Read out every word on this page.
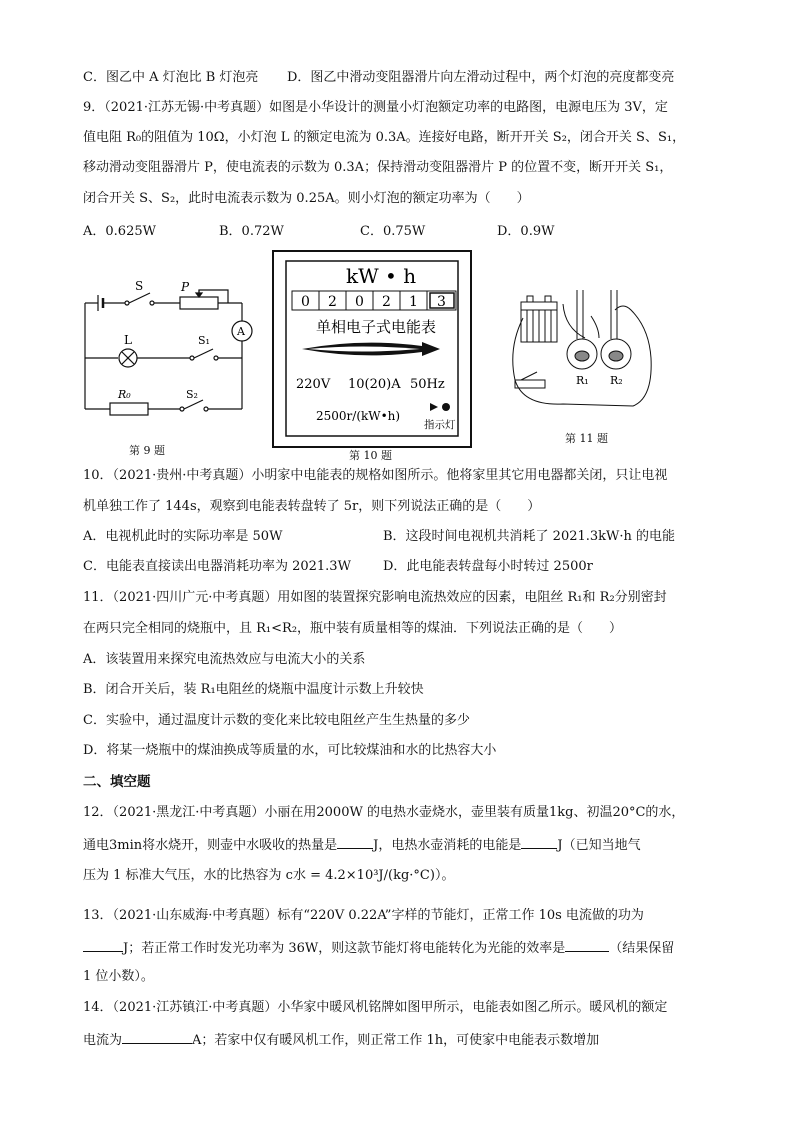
C．图乙中 A 灯泡比 B 灯泡亮 D．图乙中滑动变阻器滑片向左滑动过程中，两个灯泡的亮度都变亮
9．（2021·江苏无锡·中考真题）如图是小华设计的测量小灯泡额定功率的电路图，电源电压为 3V，定
值电阻 R₀的阻值为 10Ω，小灯泡 L 的额定电流为 0.3A。连接好电路，断开开关 S₂，闭合开关 S、S₁，
移动滑动变阻器滑片 P，使电流表的示数为 0.3A；保持滑动变阻器滑片 P 的位置不变，断开开关 S₁，
闭合开关 S、S₂，此时电流表示数为 0.25A。则小灯泡的额定功率为（　　）
A．0.625W	B．0.72W	C．0.75W	D．0.9W
S	P
A
L	S₁
R₀	S₂
第 9 题
kW • h
0 2 0 2 1 3
单相电子式电能表
220V 10(20)A 50Hz
2500r/(kW•h)
指示灯
第 10 题
R₁ R₂
第 11 题
10．（2021·贵州·中考真题）小明家中电能表的规格如图所示。他将家里其它用电器都关闭，只让电视
机单独工作了 144s，观察到电能表转盘转了 5r，则下列说法正确的是（　　）
A．电视机此时的实际功率是 50W	B．这段时间电视机共消耗了 2021.3kW·h 的电能
C．电能表直接读出电器消耗功率为 2021.3W D．此电能表转盘每小时转过 2500r
11．（2021·四川广元·中考真题）用如图的装置探究影响电流热效应的因素，电阻丝 R₁和 R₂分别密封
在两只完全相同的烧瓶中，且 R₁<R₂，瓶中装有质量相等的煤油．下列说法正确的是（　　）
A．该装置用来探究电流热效应与电流大小的关系
B．闭合开关后，装 R₁电阻丝的烧瓶中温度计示数上升较快
C．实验中，通过温度计示数的变化来比较电阻丝产生生热量的多少
D．将某一烧瓶中的煤油换成等质量的水，可比较煤油和水的比热容大小
二、填空题
12．（2021·黑龙江·中考真题）小丽在用2000W 的电热水壶烧水，壶里装有质量1kg、初温20°C的水，
通电3min将水烧开，则壶中水吸收的热量是	J，电热水壶消耗的电能是	J（已知当地气
压为 1 标准大气压，水的比热容为 c水 = 4.2×10³J/(kg·°C)）。
13．（2021·山东威海·中考真题）标有“220V 0.22A”字样的节能灯，正常工作 10s 电流做的功为
J；若正常工作时发光功率为 36W，则这款节能灯将电能转化为光能的效率是	（结果保留
1 位小数）。
14．（2021·江苏镇江·中考真题）小华家中暖风机铭牌如图甲所示，电能表如图乙所示。暖风机的额定
电流为	A；若家中仅有暖风机工作，则正常工作 1h，可使家中电能表示数增加
